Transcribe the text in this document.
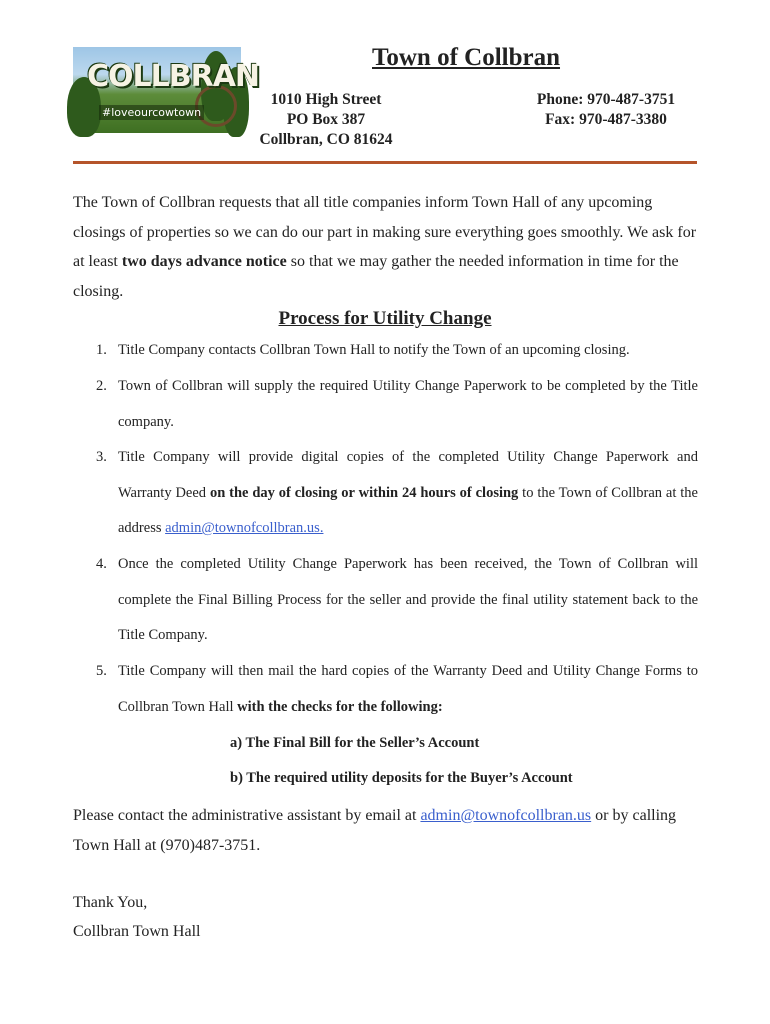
COLLBRAN
#loveourcowtown
Town of Collbran
1010 High Street
PO Box 387
Collbran, CO 81624
Phone: 970-487-3751
Fax: 970-487-3380
The Town of Collbran requests that all title companies inform Town Hall of any upcoming closings of properties so we can do our part in making sure everything goes smoothly. We ask for at least two days advance notice so that we may gather the needed information in time for the closing.
Process for Utility Change
1. Title Company contacts Collbran Town Hall to notify the Town of an upcoming closing.
2. Town of Collbran will supply the required Utility Change Paperwork to be completed by the Title company.
3. Title Company will provide digital copies of the completed Utility Change Paperwork and Warranty Deed on the day of closing or within 24 hours of closing to the Town of Collbran at the address admin@townofcollbran.us.
4. Once the completed Utility Change Paperwork has been received, the Town of Collbran will complete the Final Billing Process for the seller and provide the final utility statement back to the Title Company.
5. Title Company will then mail the hard copies of the Warranty Deed and Utility Change Forms to Collbran Town Hall with the checks for the following:
a) The Final Bill for the Seller’s Account
b) The required utility deposits for the Buyer’s Account
Please contact the administrative assistant by email at admin@townofcollbran.us or by calling Town Hall at (970)487-3751.
Thank You,
Collbran Town Hall
